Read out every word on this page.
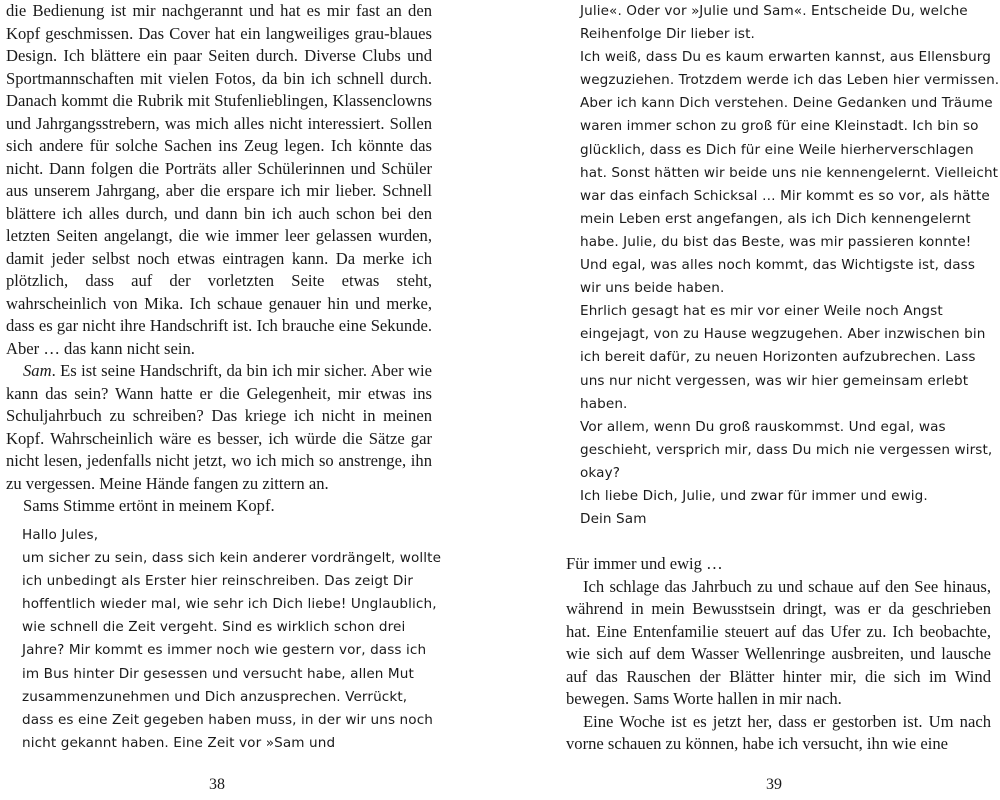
die Bedienung ist mir nachgerannt und hat es mir fast an den Kopf geschmissen. Das Cover hat ein langweiliges grau-blaues Design. Ich blättere ein paar Seiten durch. Diverse Clubs und Sportmannschaften mit vielen Fotos, da bin ich schnell durch. Danach kommt die Rubrik mit Stufenlieblingen, Klassenclowns und Jahrgangsstrebern, was mich alles nicht interessiert. Sollen sich andere für solche Sachen ins Zeug legen. Ich könnte das nicht. Dann folgen die Porträts aller Schülerinnen und Schüler aus unserem Jahrgang, aber die erspare ich mir lieber. Schnell blättere ich alles durch, und dann bin ich auch schon bei den letzten Seiten angelangt, die wie immer leer gelassen wurden, damit jeder selbst noch etwas eintragen kann. Da merke ich plötzlich, dass auf der vorletzten Seite etwas steht, wahrscheinlich von Mika. Ich schaue genauer hin und merke, dass es gar nicht ihre Handschrift ist. Ich brauche eine Sekunde. Aber … das kann nicht sein.

Sam. Es ist seine Handschrift, da bin ich mir sicher. Aber wie kann das sein? Wann hatte er die Gelegenheit, mir etwas ins Schuljahrbuch zu schreiben? Das kriege ich nicht in meinen Kopf. Wahrscheinlich wäre es besser, ich würde die Sätze gar nicht lesen, jedenfalls nicht jetzt, wo ich mich so anstrenge, ihn zu vergessen. Meine Hände fangen zu zittern an.

Sams Stimme ertönt in meinem Kopf.

Hallo Jules,

um sicher zu sein, dass sich kein anderer vordrängelt, wollte ich unbedingt als Erster hier reinschreiben. Das zeigt Dir hoffentlich wieder mal, wie sehr ich Dich liebe! Unglaublich, wie schnell die Zeit vergeht. Sind es wirklich schon drei Jahre? Mir kommt es immer noch wie gestern vor, dass ich im Bus hinter Dir gesessen und versucht habe, allen Mut zusammenzunehmen und Dich anzusprechen. Verrückt, dass es eine Zeit gegeben haben muss, in der wir uns noch nicht gekannt haben. Eine Zeit vor »Sam und

38

Julie«. Oder vor »Julie und Sam«. Entscheide Du, welche Reihenfolge Dir lieber ist.

Ich weiß, dass Du es kaum erwarten kannst, aus Ellensburg wegzuziehen. Trotzdem werde ich das Leben hier vermissen. Aber ich kann Dich verstehen. Deine Gedanken und Träume waren immer schon zu groß für eine Kleinstadt. Ich bin so glücklich, dass es Dich für eine Weile hierherverschlagen hat. Sonst hätten wir beide uns nie kennengelernt. Vielleicht war das einfach Schicksal … Mir kommt es so vor, als hätte mein Leben erst angefangen, als ich Dich kennengelernt habe. Julie, du bist das Beste, was mir passieren konnte! Und egal, was alles noch kommt, das Wichtigste ist, dass wir uns beide haben.

Ehrlich gesagt hat es mir vor einer Weile noch Angst eingejagt, von zu Hause wegzugehen. Aber inzwischen bin ich bereit dafür, zu neuen Horizonten aufzubrechen. Lass uns nur nicht vergessen, was wir hier gemeinsam erlebt haben.

Vor allem, wenn Du groß rauskommst. Und egal, was geschieht, versprich mir, dass Du mich nie vergessen wirst, okay?

Ich liebe Dich, Julie, und zwar für immer und ewig.

Dein Sam

Für immer und ewig …

Ich schlage das Jahrbuch zu und schaue auf den See hinaus, während in mein Bewusstsein dringt, was er da geschrieben hat. Eine Entenfamilie steuert auf das Ufer zu. Ich beobachte, wie sich auf dem Wasser Wellenringe ausbreiten, und lausche auf das Rauschen der Blätter hinter mir, die sich im Wind bewegen. Sams Worte hallen in mir nach.

Eine Woche ist es jetzt her, dass er gestorben ist. Um nach vorne schauen zu können, habe ich versucht, ihn wie eine

39
